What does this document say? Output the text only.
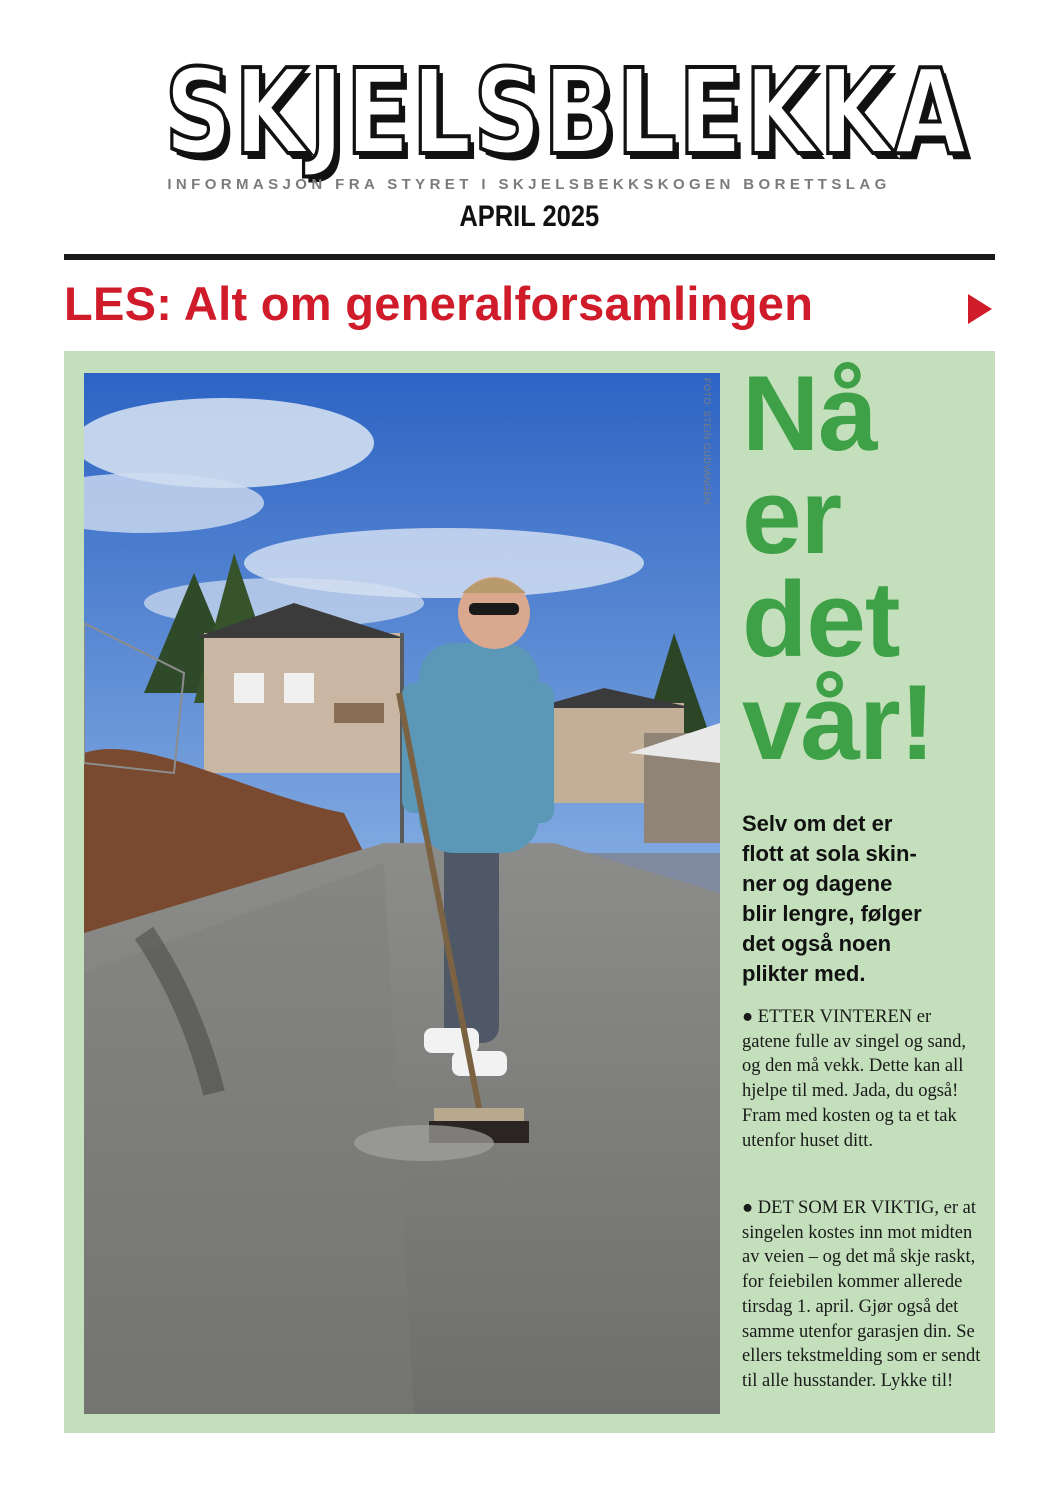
SKJELSBLEKKA
INFORMASJON FRA STYRET I SKJELSBEKKSKOGEN BORETTSLAG
APRIL 2025
LES: Alt om generalforsamlingen
FOTO: STEIN GUDVANGEN Nå
er
det
vår!
Selv om det er
flott at sola skin-
ner og dagene
blir lengre, følger
det også noen
plikter med.
● ETTER VINTEREN er gatene fulle av singel og sand, og den må vekk. Dette kan all hjelpe til med. Jada, du også! Fram med kosten og ta et tak utenfor huset ditt.
● DET SOM ER VIKTIG, er at singelen kostes inn mot midten av veien – og det må skje raskt, for feiebilen kommer allerede tirsdag 1. april. Gjør også det samme utenfor garasjen din. Se ellers tekstmelding som er sendt til alle husstander. Lykke til!
